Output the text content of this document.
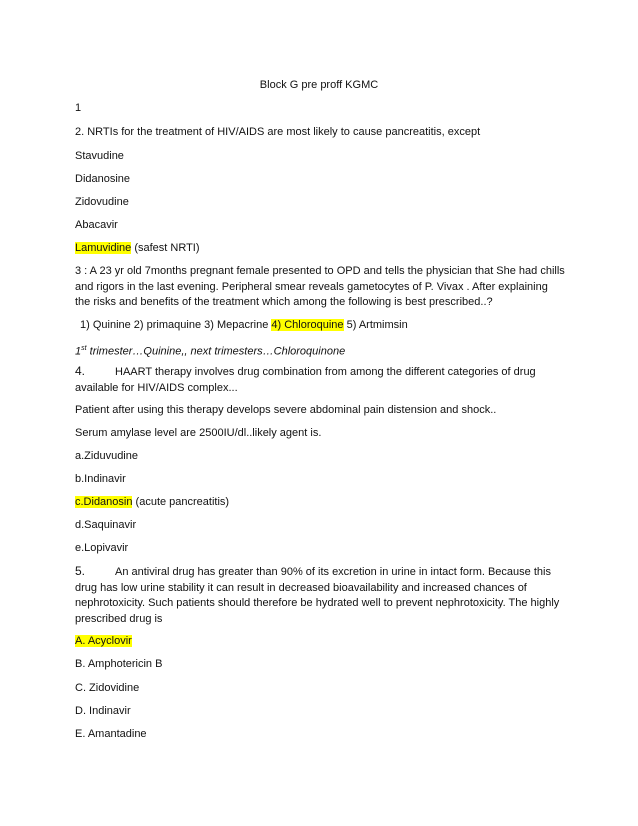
Block G pre proff KGMC
1
2. NRTIs for the treatment of HIV/AIDS are most likely to cause pancreatitis, except
Stavudine
Didanosine
Zidovudine
Abacavir
Lamuvidine (safest NRTI)
3 : A 23 yr old 7months pregnant female presented to OPD and tells the physician that She had chills and rigors in the last evening. Peripheral smear reveals gametocytes of P. Vivax . After explaining the risks and benefits of the treatment which among the following is best prescribed..?
1) Quinine 2) primaquine 3) Mepacrine 4) Chloroquine 5) Artmimsin
1st trimester…Quinine,, next trimesters…Chloroquinone
4.	HAART therapy involves drug combination from among the different categories of drug available for HIV/AIDS complex...
Patient after using this therapy develops severe abdominal pain distension and shock..
Serum amylase level are 2500IU/dl..likely agent is.
a.Ziduvudine
b.Indinavir
c.Didanosin (acute pancreatitis)
d.Saquinavir
e.Lopivavir
5.	An antiviral drug has greater than 90% of its excretion in urine in intact form. Because this drug has low urine stability it can result in decreased bioavailability and increased chances of nephrotoxicity. Such patients should therefore be hydrated well to prevent nephrotoxicity. The highly prescribed drug is
A. Acyclovir
B. Amphotericin B
C. Zidovidine
D. Indinavir
E. Amantadine
